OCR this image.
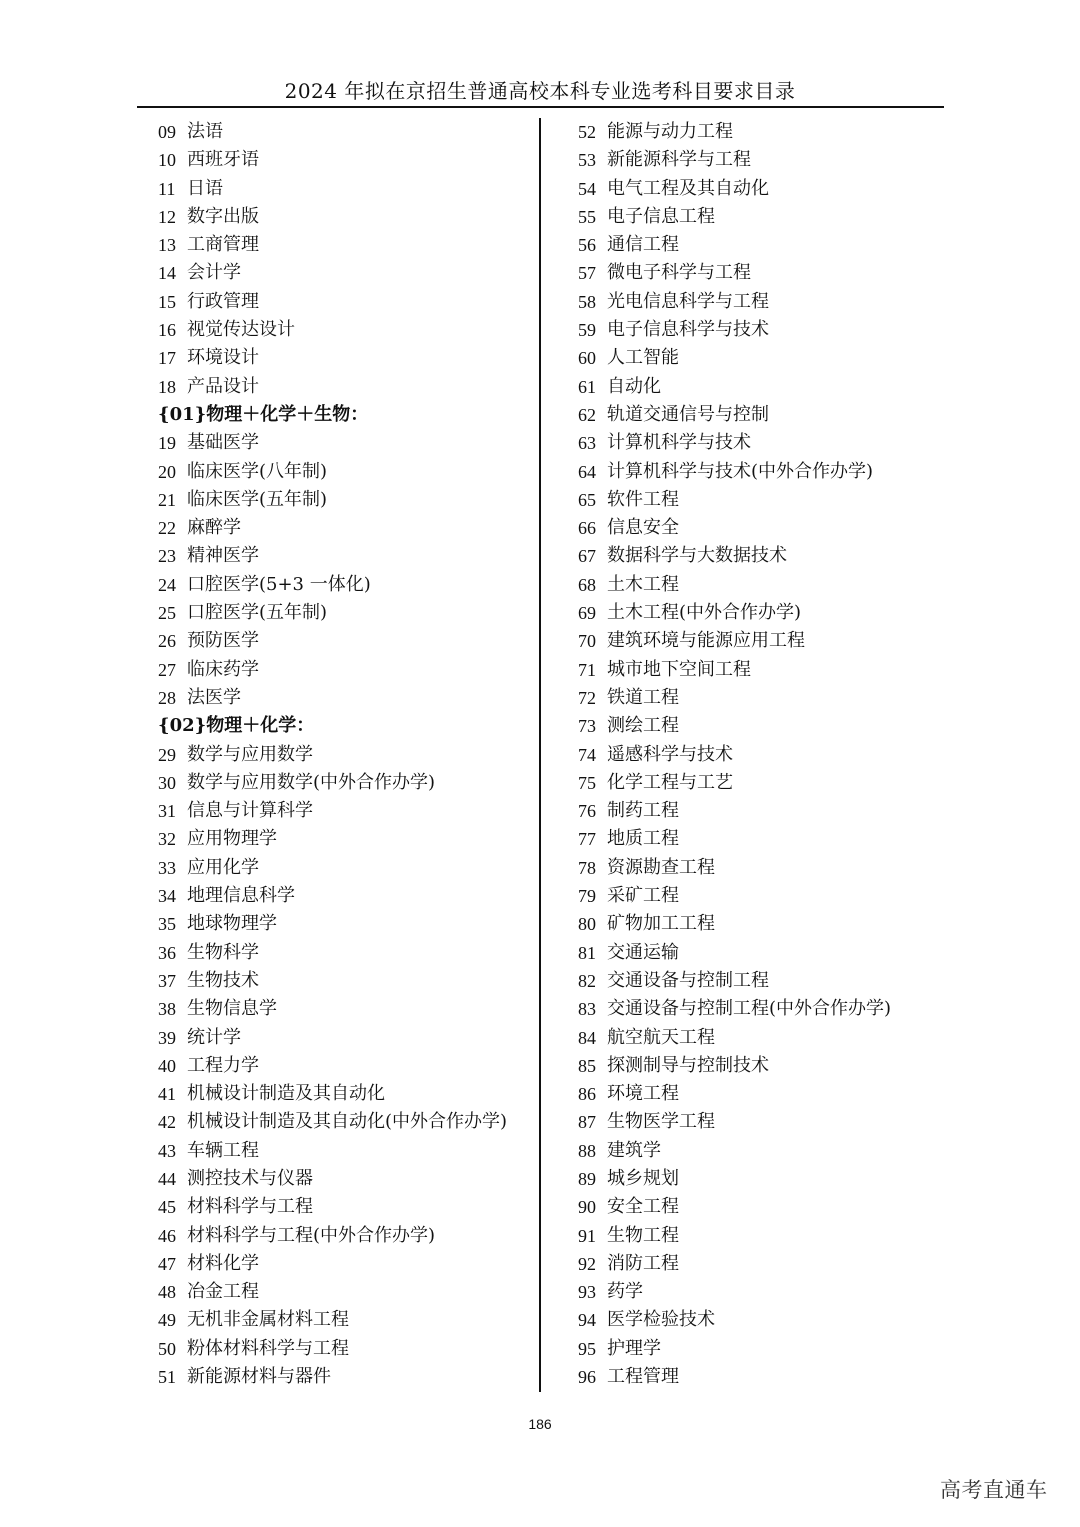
2024 年拟在京招生普通高校本科专业选考科目要求目录
09 法语
10 西班牙语
11 日语
12 数字出版
13 工商管理
14 会计学
15 行政管理
16 视觉传达设计
17 环境设计
18 产品设计
{01}物理＋化学＋生物：
19 基础医学
20 临床医学(八年制)
21 临床医学(五年制)
22 麻醉学
23 精神医学
24 口腔医学(5+3 一体化)
25 口腔医学(五年制)
26 预防医学
27 临床药学
28 法医学
{02}物理＋化学：
29 数学与应用数学
30 数学与应用数学(中外合作办学)
31 信息与计算科学
32 应用物理学
33 应用化学
34 地理信息科学
35 地球物理学
36 生物科学
37 生物技术
38 生物信息学
39 统计学
40 工程力学
41 机械设计制造及其自动化
42 机械设计制造及其自动化(中外合作办学)
43 车辆工程
44 测控技术与仪器
45 材料科学与工程
46 材料科学与工程(中外合作办学)
47 材料化学
48 冶金工程
49 无机非金属材料工程
50 粉体材料科学与工程
51 新能源材料与器件
52 能源与动力工程
53 新能源科学与工程
54 电气工程及其自动化
55 电子信息工程
56 通信工程
57 微电子科学与工程
58 光电信息科学与工程
59 电子信息科学与技术
60 人工智能
61 自动化
62 轨道交通信号与控制
63 计算机科学与技术
64 计算机科学与技术(中外合作办学)
65 软件工程
66 信息安全
67 数据科学与大数据技术
68 土木工程
69 土木工程(中外合作办学)
70 建筑环境与能源应用工程
71 城市地下空间工程
72 铁道工程
73 测绘工程
74 遥感科学与技术
75 化学工程与工艺
76 制药工程
77 地质工程
78 资源勘查工程
79 采矿工程
80 矿物加工工程
81 交通运输
82 交通设备与控制工程
83 交通设备与控制工程(中外合作办学)
84 航空航天工程
85 探测制导与控制技术
86 环境工程
87 生物医学工程
88 建筑学
89 城乡规划
90 安全工程
91 生物工程
92 消防工程
93 药学
94 医学检验技术
95 护理学
96 工程管理
186
高考直通车
